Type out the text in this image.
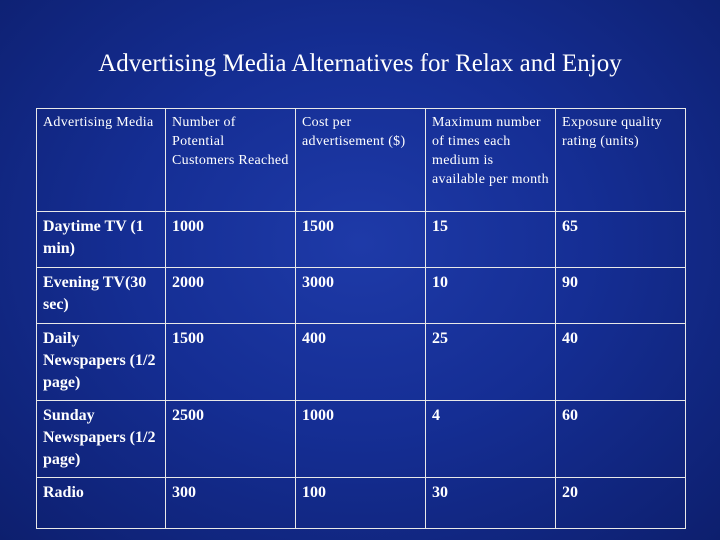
Advertising Media Alternatives for Relax and Enjoy
Advertising Media	Number of Potential Customers Reached	Cost per advertisement ($)	Maximum number of times each medium is available per month	Exposure quality rating (units)
Daytime TV (1 min)	1000	1500	15	65
Evening TV(30 sec)	2000	3000	10	90
Daily Newspapers (1/2 page)	1500	400	25	40
Sunday Newspapers (1/2 page)	2500	1000	4	60
Radio	300	100	30	20
